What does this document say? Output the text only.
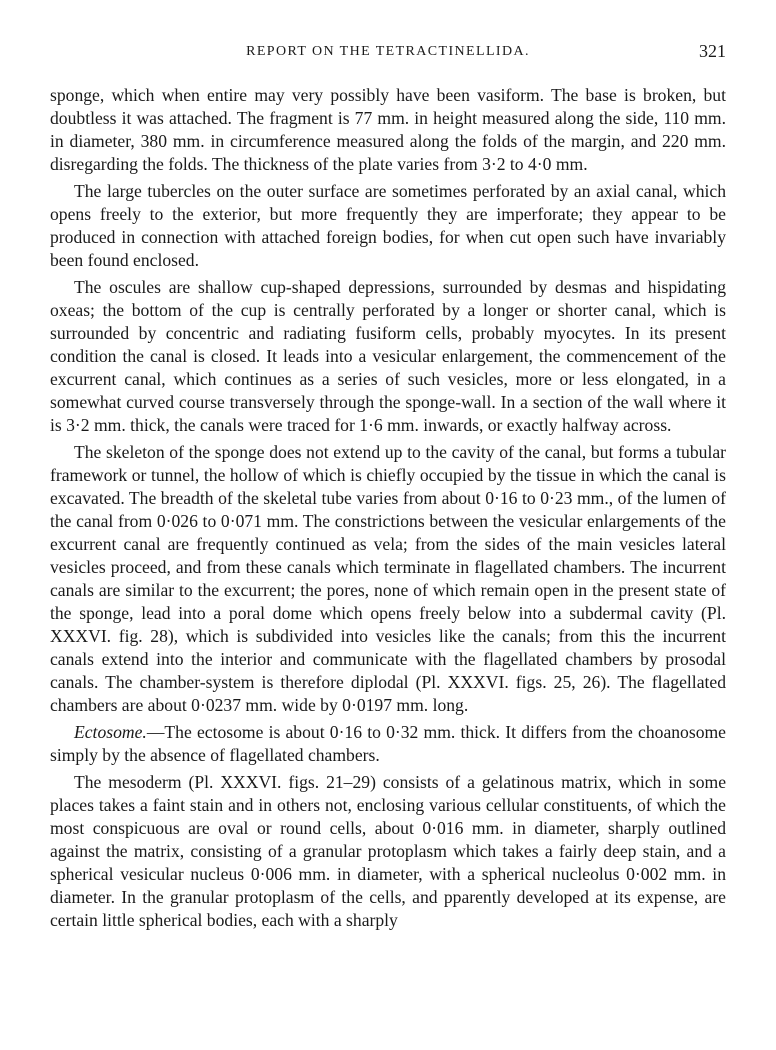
REPORT ON THE TETRACTINELLIDA.	321

sponge, which when entire may very possibly have been vasiform. The base is broken, but doubtless it was attached. The fragment is 77 mm. in height measured along the side, 110 mm. in diameter, 380 mm. in circumference measured along the folds of the margin, and 220 mm. disregarding the folds. The thickness of the plate varies from 3·2 to 4·0 mm.

The large tubercles on the outer surface are sometimes perforated by an axial canal, which opens freely to the exterior, but more frequently they are imperforate; they appear to be produced in connection with attached foreign bodies, for when cut open such have invariably been found enclosed.

The oscules are shallow cup-shaped depressions, surrounded by desmas and hispidating oxeas; the bottom of the cup is centrally perforated by a longer or shorter canal, which is surrounded by concentric and radiating fusiform cells, probably myocytes. In its present condition the canal is closed. It leads into a vesicular enlargement, the commencement of the excurrent canal, which continues as a series of such vesicles, more or less elongated, in a somewhat curved course transversely through the sponge-wall. In a section of the wall where it is 3·2 mm. thick, the canals were traced for 1·6 mm. inwards, or exactly halfway across.

The skeleton of the sponge does not extend up to the cavity of the canal, but forms a tubular framework or tunnel, the hollow of which is chiefly occupied by the tissue in which the canal is excavated. The breadth of the skeletal tube varies from about 0·16 to 0·23 mm., of the lumen of the canal from 0·026 to 0·071 mm. The constrictions between the vesicular enlargements of the excurrent canal are frequently continued as vela; from the sides of the main vesicles lateral vesicles proceed, and from these canals which terminate in flagellated chambers. The incurrent canals are similar to the excurrent; the pores, none of which remain open in the present state of the sponge, lead into a poral dome which opens freely below into a subdermal cavity (Pl. XXXVI. fig. 28), which is subdivided into vesicles like the canals; from this the incurrent canals extend into the interior and communicate with the flagellated chambers by prosodal canals. The chamber-system is therefore diplodal (Pl. XXXVI. figs. 25, 26). The flagellated chambers are about 0·0237 mm. wide by 0·0197 mm. long.

Ectosome.—The ectosome is about 0·16 to 0·32 mm. thick. It differs from the choanosome simply by the absence of flagellated chambers.

The mesoderm (Pl. XXXVI. figs. 21–29) consists of a gelatinous matrix, which in some places takes a faint stain and in others not, enclosing various cellular constituents, of which the most conspicuous are oval or round cells, about 0·016 mm. in diameter, sharply outlined against the matrix, consisting of a granular protoplasm which takes a fairly deep stain, and a spherical vesicular nucleus 0·006 mm. in diameter, with a spherical nucleolus 0·002 mm. in diameter. In the granular protoplasm of the cells, and pparently developed at its expense, are certain little spherical bodies, each with a sharply
